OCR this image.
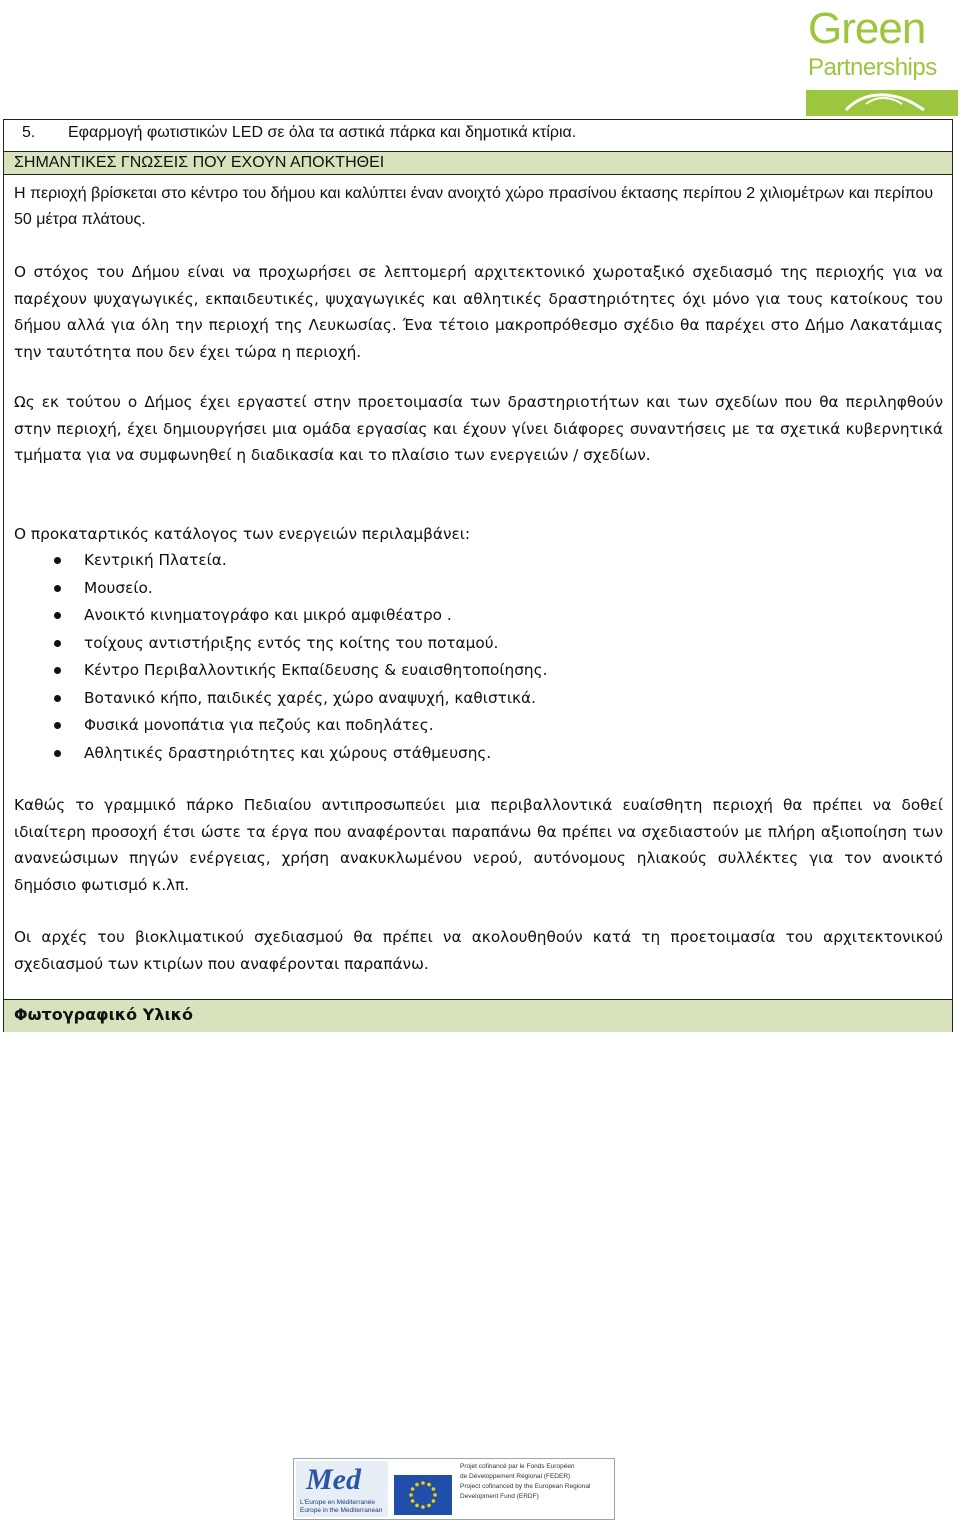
Green
Partnerships
5. Εφαρμογή φωτιστικών LED σε όλα τα αστικά πάρκα και δημοτικά κτίρια.
ΣΗΜΑΝΤΙΚΕΣ ΓΝΩΣΕΙΣ ΠΟΥ ΕΧΟΥΝ ΑΠΟΚΤΗΘΕΙ
Η περιοχή βρίσκεται στο κέντρο του δήμου και καλύπτει έναν ανοιχτό χώρο πρασίνου έκτασης περίπου 2 χιλιομέτρων και περίπου 50 μέτρα πλάτους.
Ο στόχος του Δήμου είναι να προχωρήσει σε λεπτομερή αρχιτεκτονικό χωροταξικό σχεδιασμό της περιοχής για να παρέχουν ψυχαγωγικές, εκπαιδευτικές, ψυχαγωγικές και αθλητικές δραστηριότητες όχι μόνο για τους κατοίκους του δήμου αλλά για όλη την περιοχή της Λευκωσίας. Ένα τέτοιο μακροπρόθεσμο σχέδιο θα παρέχει στο Δήμο Λακατάμιας την ταυτότητα που δεν έχει τώρα η περιοχή.
Ως εκ τούτου ο Δήμος έχει εργαστεί στην προετοιμασία των δραστηριοτήτων και των σχεδίων που θα περιληφθούν στην περιοχή, έχει δημιουργήσει μια ομάδα εργασίας και έχουν γίνει διάφορες συναντήσεις με τα σχετικά κυβερνητικά τμήματα για να συμφωνηθεί η διαδικασία και το πλαίσιο των ενεργειών / σχεδίων.
Ο προκαταρτικός κατάλογος των ενεργειών περιλαμβάνει:
Κεντρική Πλατεία.
Μουσείο.
Ανοικτό κινηματογράφο και μικρό αμφιθέατρο .
τοίχους αντιστήριξης εντός της κοίτης του ποταμού.
Κέντρο Περιβαλλοντικής Εκπαίδευσης & ευαισθητοποίησης.
Βοτανικό κήπο, παιδικές χαρές, χώρο αναψυχή, καθιστικά.
Φυσικά μονοπάτια για πεζούς και ποδηλάτες.
Αθλητικές δραστηριότητες και χώρους στάθμευσης.
Καθώς το γραμμικό πάρκο Πεδιαίου αντιπροσωπεύει μια περιβαλλοντικά ευαίσθητη περιοχή θα πρέπει να δοθεί ιδιαίτερη προσοχή έτσι ώστε τα έργα που αναφέρονται παραπάνω θα πρέπει να σχεδιαστούν με πλήρη αξιοποίηση των ανανεώσιμων πηγών ενέργειας, χρήση ανακυκλωμένου νερού, αυτόνομους ηλιακούς συλλέκτες για τον ανοικτό δημόσιο φωτισμό κ.λπ.
Οι αρχές του βιοκλιματικού σχεδιασμού θα πρέπει να ακολουθηθούν κατά τη προετοιμασία του αρχιτεκτονικού σχεδιασμού των κτιρίων που αναφέρονται παραπάνω.
Φωτογραφικό Υλικό
Med
L'Europe en Méditerranée
Europe in the Mediterranean
Projet cofinancé par le Fonds Européen
de Développement Régional (FEDER)
Project cofinanced by the European Regional
Development Fund (ERDF)
